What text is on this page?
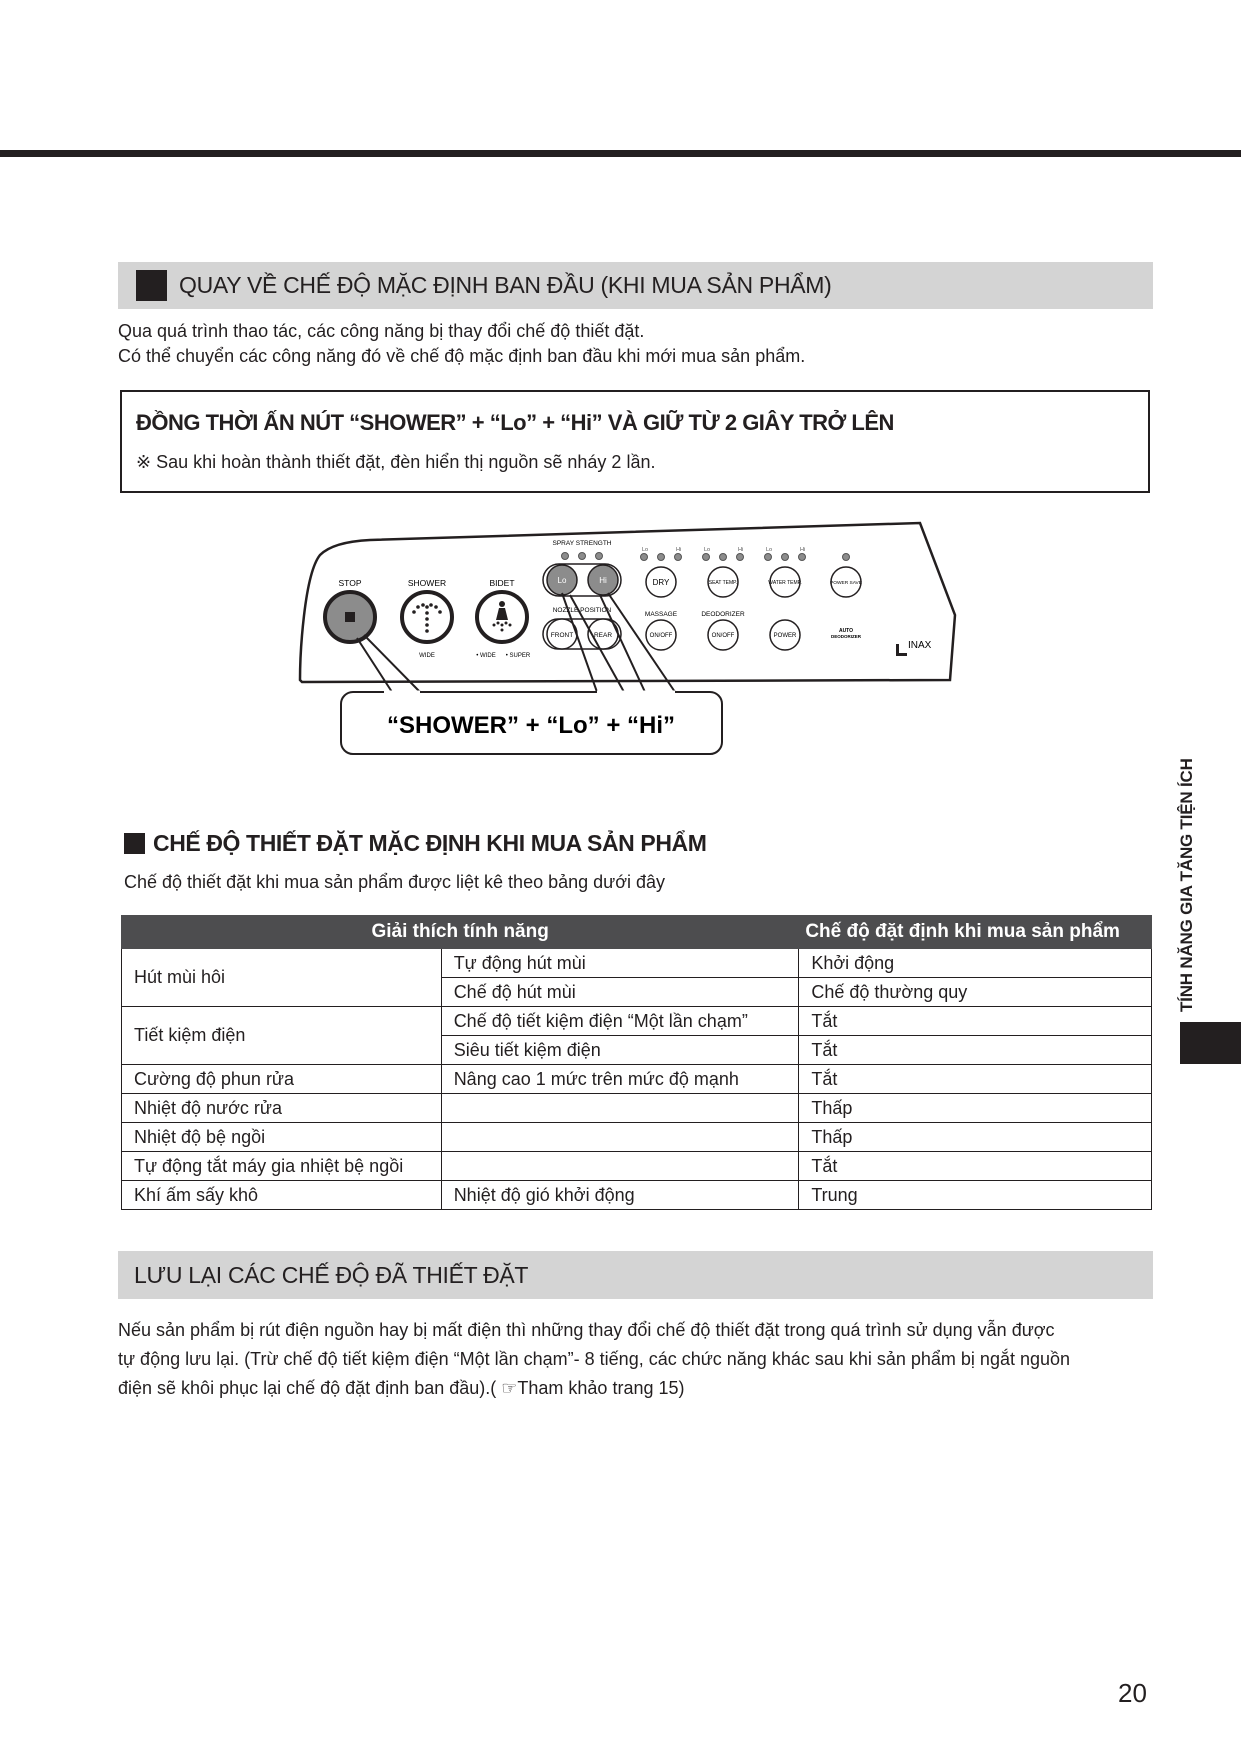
QUAY VỀ CHẾ ĐỘ MẶC ĐỊNH BAN ĐẦU (KHI MUA SẢN PHẨM)
Qua quá trình thao tác, các công năng bị thay đổi chế độ thiết đặt.
Có thể chuyển các công năng đó về chế độ mặc định ban đầu khi mới mua sản phẩm.
ĐỒNG THỜI ẤN NÚT “SHOWER” + “Lo” + “Hi” VÀ GIỮ TỪ 2 GIÂY TRỞ LÊN
※ Sau khi hoàn thành thiết đặt, đèn hiển thị nguồn sẽ nháy 2 lần.
STOP	SHOWER
WIDE
BIDET
• WIDE • SUPER
SPRAY STRENGTH
Lo	Hi
NOZZLE POSITION
FRONT	REAR
Lo	Hi	Lo	Hi	Lo	Hi
DRY	SEAT TEMP.	WATER TEMP.	POWER SAVE
MASSAGE
ON/OFF
DEODORIZER
ON/OFF	POWER
AUTO
DEODORIZER
INAX
“SHOWER” + “Lo” + “Hi”
CHẾ ĐỘ THIẾT ĐẶT MẶC ĐỊNH KHI MUA SẢN PHẨM
Chế độ thiết đặt khi mua sản phẩm được liệt kê theo bảng dưới đây
Giải thích tính năng		Chế độ đặt định khi mua sản phẩm
Hút mùi hôi	Tự động hút mùi	Khởi động
	Chế độ hút mùi	Chế độ thường quy
Tiết kiệm điện	Chế độ tiết kiệm điện “Một lần chạm”	Tắt
	Siêu tiết kiệm điện	Tắt
Cường độ phun rửa	Nâng cao 1 mức trên mức độ mạnh	Tắt
Nhiệt độ nước rửa		Thấp
Nhiệt độ bệ ngồi		Thấp
Tự động tắt máy gia nhiệt bệ ngồi		Tắt
Khí ấm sấy khô	Nhiệt độ gió khởi động	Trung
LƯU LẠI CÁC CHẾ ĐỘ ĐÃ THIẾT ĐẶT
Nếu sản phẩm bị rút điện nguồn hay bị mất điện thì những thay đổi chế độ thiết đặt trong quá trình sử dụng vẫn được
tự động lưu lại. (Trừ chế độ tiết kiệm điện “Một lần chạm”- 8 tiếng, các chức năng khác sau khi sản phẩm bị ngắt nguồn
điện sẽ khôi phục lại chế độ đặt định ban đầu).( ☞Tham khảo trang 15)
TÍNH NĂNG GIA TĂNG TIỆN ÍCH
20
